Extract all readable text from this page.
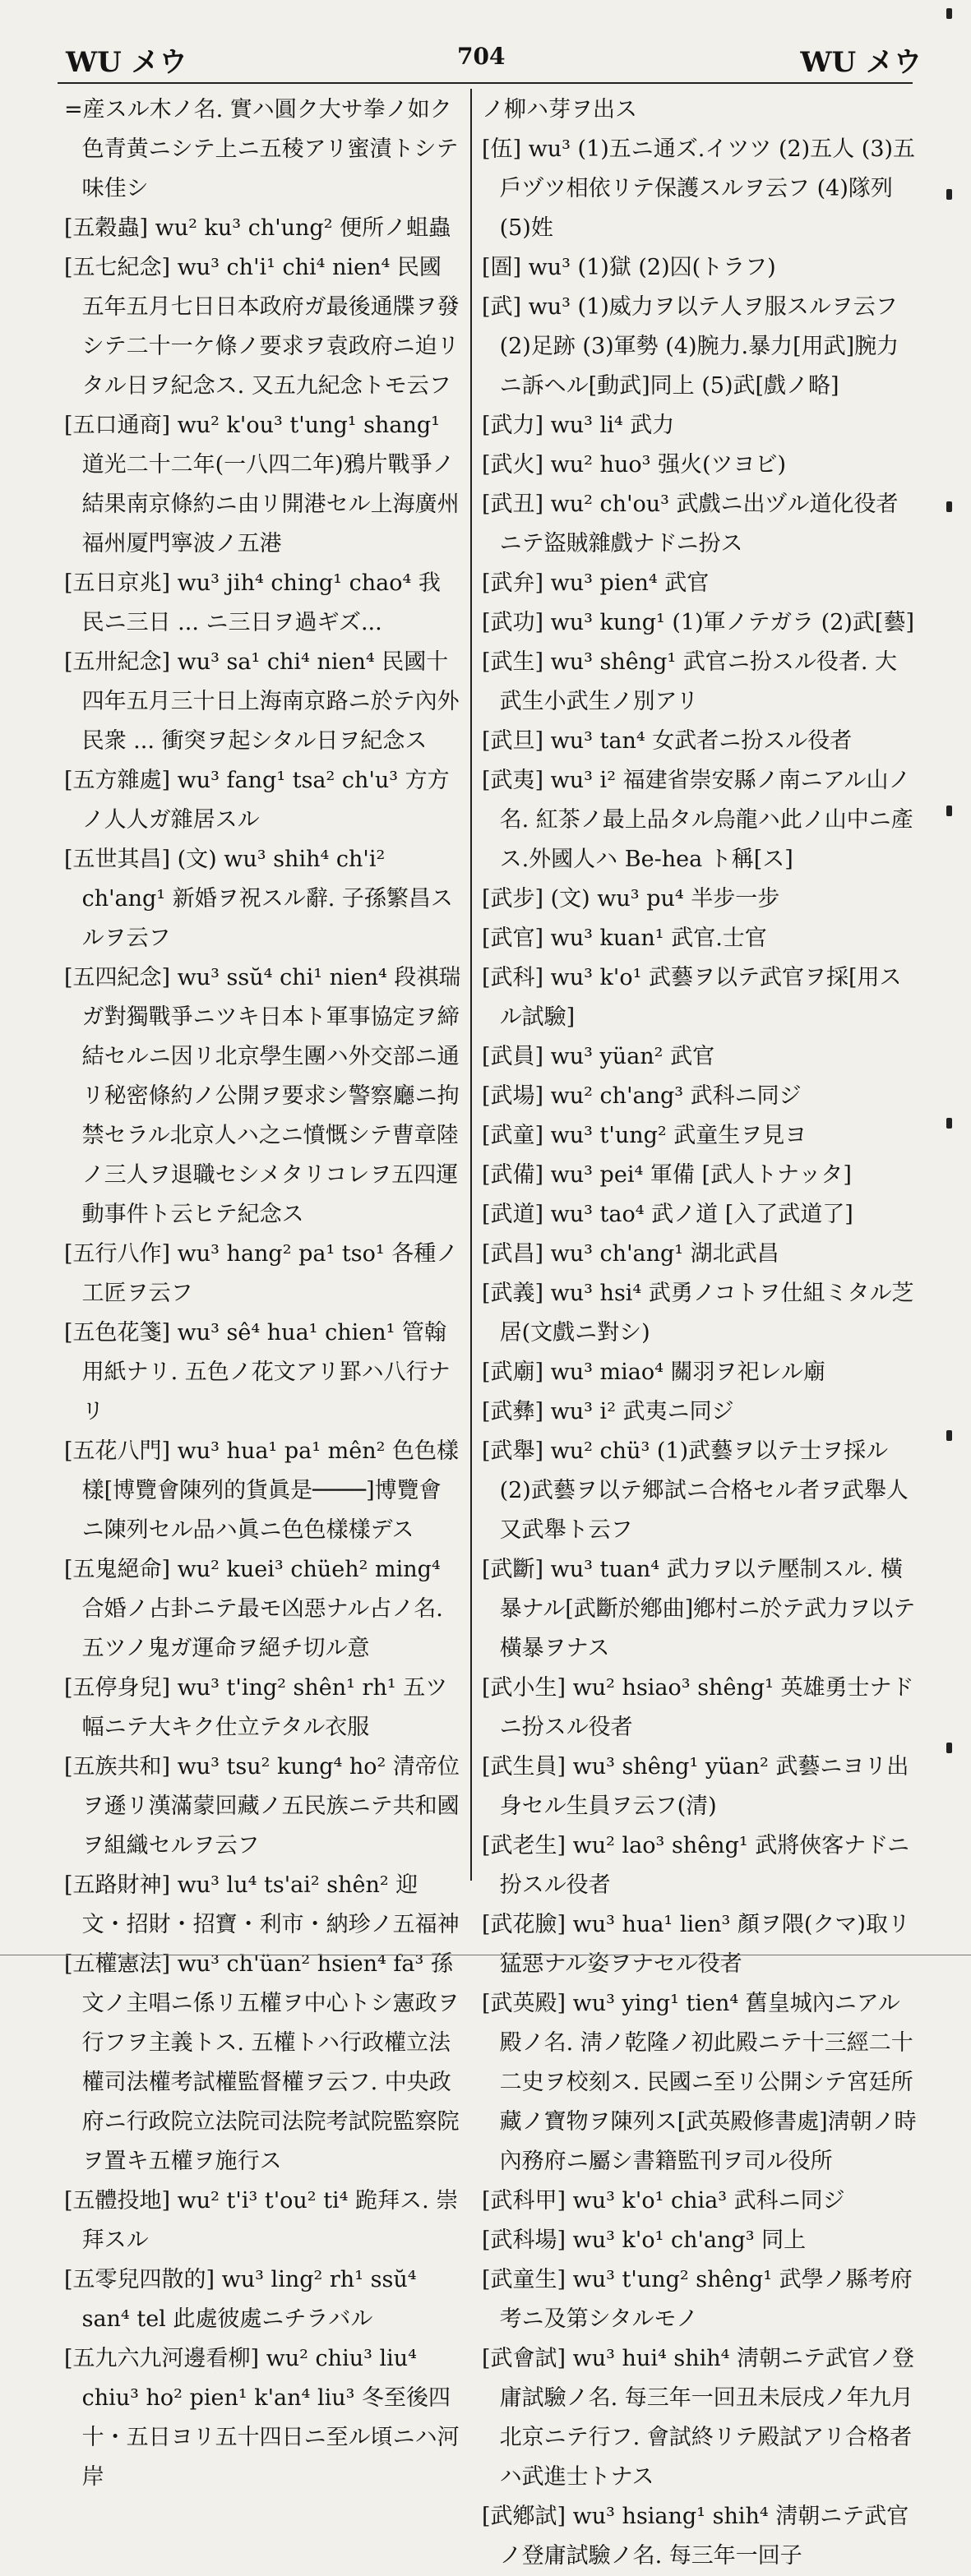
WU メウ	704	WU メウ
=産スル木ノ名. 實ハ圓ク大サ拳ノ如ク色青黄ニシテ上ニ五稜アリ蜜漬トシテ味佳シ
[五穀蟲] wu² ku³ ch'ung² 便所ノ蛆蟲
[五七紀念] wu³ ch'i¹ chi⁴ nien⁴ 民國五年五月七日日本政府ガ最後通牒ヲ發シテ二十一ケ條ノ要求ヲ袁政府ニ迫リタル日ヲ紀念ス. 又五九紀念トモ云フ
[五口通商] wu² k'ou³ t'ung¹ shang¹ 道光二十二年(一八四二年)鴉片戰爭ノ結果南京條約ニ由リ開港セル上海廣州福州厦門寧波ノ五港
[五日京兆] wu³ jih⁴ ching¹ chao⁴ 我民ニ三日 ... ニ三日ヲ過ギズ...
[五卅紀念] wu³ sa¹ chi⁴ nien⁴ 民國十四年五月三十日上海南京路ニ於テ內外民衆 ... 衝突ヲ起シタル日ヲ紀念ス
[五方雜處] wu³ fang¹ tsa² ch'u³ 方方ノ人人ガ雜居スル
[五世其昌] (文) wu³ shih⁴ ch'i² ch'ang¹ 新婚ヲ祝スル辭. 子孫繁昌スルヲ云フ
[五四紀念] wu³ ssŭ⁴ chi¹ nien⁴ 段祺瑞ガ對獨戰爭ニツキ日本ト軍事協定ヲ締結セルニ因リ北京學生團ハ外交部ニ通リ秘密條約ノ公開ヲ要求シ警察廳ニ拘禁セラル北京人ハ之ニ憤慨シテ曹章陸ノ三人ヲ退職セシメタリコレヲ五四運動事件ト云ヒテ紀念ス
[五行八作] wu³ hang² pa¹ tso¹ 各種ノ工匠ヲ云フ
[五色花箋] wu³ sê⁴ hua¹ chien¹ 管翰用紙ナリ. 五色ノ花文アリ罫ハ八行ナリ
[五花八門] wu³ hua¹ pa¹ mên² 色色樣樣[博覽會陳列的貨眞是────]博覽會ニ陳列セル品ハ眞ニ色色樣樣デス
[五鬼絕命] wu² kuei³ chüeh² ming⁴ 合婚ノ占卦ニテ最モ凶惡ナル占ノ名. 五ツノ鬼ガ運命ヲ絕チ切ル意
[五停身兒] wu³ t'ing² shên¹ rh¹ 五ツ幅ニテ大キク仕立テタル衣服
[五族共和] wu³ tsu² kung⁴ ho² 清帝位ヲ遜リ漢滿蒙回藏ノ五民族ニテ共和國ヲ組織セルヲ云フ
[五路財神] wu³ lu⁴ ts'ai² shên² 迎文・招財・招寶・利市・納珍ノ五福神
[五權憲法] wu³ ch'üan² hsien⁴ fa³ 孫文ノ主唱ニ係リ五權ヲ中心トシ憲政ヲ行フヲ主義トス. 五權トハ行政權立法權司法權考試權監督權ヲ云フ. 中央政府ニ行政院立法院司法院考試院監察院ヲ置キ五權ヲ施行ス
[五體投地] wu² t'i³ t'ou² ti⁴ 跪拜ス. 崇拜スル
[五零兒四散的] wu³ ling² rh¹ ssŭ⁴ san⁴ tel 此處彼處ニチラバル
[五九六九河邊看柳] wu² chiu³ liu⁴ chiu³ ho² pien¹ k'an⁴ liu³ 冬至後四十・五日ヨリ五十四日ニ至ル頃ニハ河岸
ノ柳ハ芽ヲ出ス
[伍] wu³ (1)五ニ通ズ.イツツ (2)五人 (3)五戶ヅツ相依リテ保護スルヲ云フ (4)隊列 (5)姓
[圄] wu³ (1)獄 (2)囚(トラフ)
[武] wu³ (1)威力ヲ以テ人ヲ服スルヲ云フ (2)足跡 (3)軍勢 (4)腕力.暴力[用武]腕力ニ訴ヘル[動武]同上 (5)武[戲ノ略]
[武力] wu³ li⁴ 武力
[武火] wu² huo³ 强火(ツヨビ)
[武丑] wu² ch'ou³ 武戲ニ出ヅル道化役者ニテ盜賊雜戲ナドニ扮ス
[武弁] wu³ pien⁴ 武官
[武功] wu³ kung¹ (1)軍ノテガラ (2)武[藝]
[武生] wu³ shêng¹ 武官ニ扮スル役者. 大武生小武生ノ別アリ
[武旦] wu³ tan⁴ 女武者ニ扮スル役者
[武夷] wu³ i² 福建省崇安縣ノ南ニアル山ノ名. 紅茶ノ最上品タル烏龍ハ此ノ山中ニ產ス.外國人ハ Be-hea ト稱[ス]
[武步] (文) wu³ pu⁴ 半步一步
[武官] wu³ kuan¹ 武官.士官
[武科] wu³ k'o¹ 武藝ヲ以テ武官ヲ採[用スル試驗]
[武員] wu³ yüan² 武官
[武場] wu² ch'ang³ 武科ニ同ジ
[武童] wu³ t'ung² 武童生ヲ見ヨ
[武備] wu³ pei⁴ 軍備 [武人トナッタ]
[武道] wu³ tao⁴ 武ノ道 [入了武道了]
[武昌] wu³ ch'ang¹ 湖北武昌
[武義] wu³ hsi⁴ 武勇ノコトヲ仕組ミタル芝居(文戲ニ對シ)
[武廟] wu³ miao⁴ 關羽ヲ祀レル廟
[武彝] wu³ i² 武夷ニ同ジ
[武舉] wu² chü³ (1)武藝ヲ以テ士ヲ採ル (2)武藝ヲ以テ郷試ニ合格セル者ヲ武舉人又武舉ト云フ
[武斷] wu³ tuan⁴ 武力ヲ以テ壓制スル. 橫暴ナル[武斷於鄕曲]鄕村ニ於テ武力ヲ以テ橫暴ヲナス
[武小生] wu² hsiao³ shêng¹ 英雄勇士ナドニ扮スル役者
[武生員] wu³ shêng¹ yüan² 武藝ニヨリ出身セル生員ヲ云フ(清)
[武老生] wu² lao³ shêng¹ 武將俠客ナドニ扮スル役者
[武花臉] wu³ hua¹ lien³ 顏ヲ隈(クマ)取リ猛惡ナル姿ヲナセル役者
[武英殿] wu³ ying¹ tien⁴ 舊皇城內ニアル殿ノ名. 淸ノ乾隆ノ初此殿ニテ十三經二十二史ヲ校刻ス. 民國ニ至リ公開シテ宮廷所藏ノ寶物ヲ陳列ス[武英殿修書處]淸朝ノ時內務府ニ屬シ書籍監刊ヲ司ル役所
[武科甲] wu³ k'o¹ chia³ 武科ニ同ジ
[武科場] wu³ k'o¹ ch'ang³ 同上
[武童生] wu³ t'ung² shêng¹ 武學ノ縣考府考ニ及第シタルモノ
[武會試] wu³ hui⁴ shih⁴ 淸朝ニテ武官ノ登庸試驗ノ名. 每三年一回丑未辰戌ノ年九月北京ニテ行フ. 會試終リテ殿試アリ合格者ハ武進士トナス
[武鄕試] wu³ hsiang¹ shih⁴ 淸朝ニテ武官ノ登庸試驗ノ名. 每三年一回子
